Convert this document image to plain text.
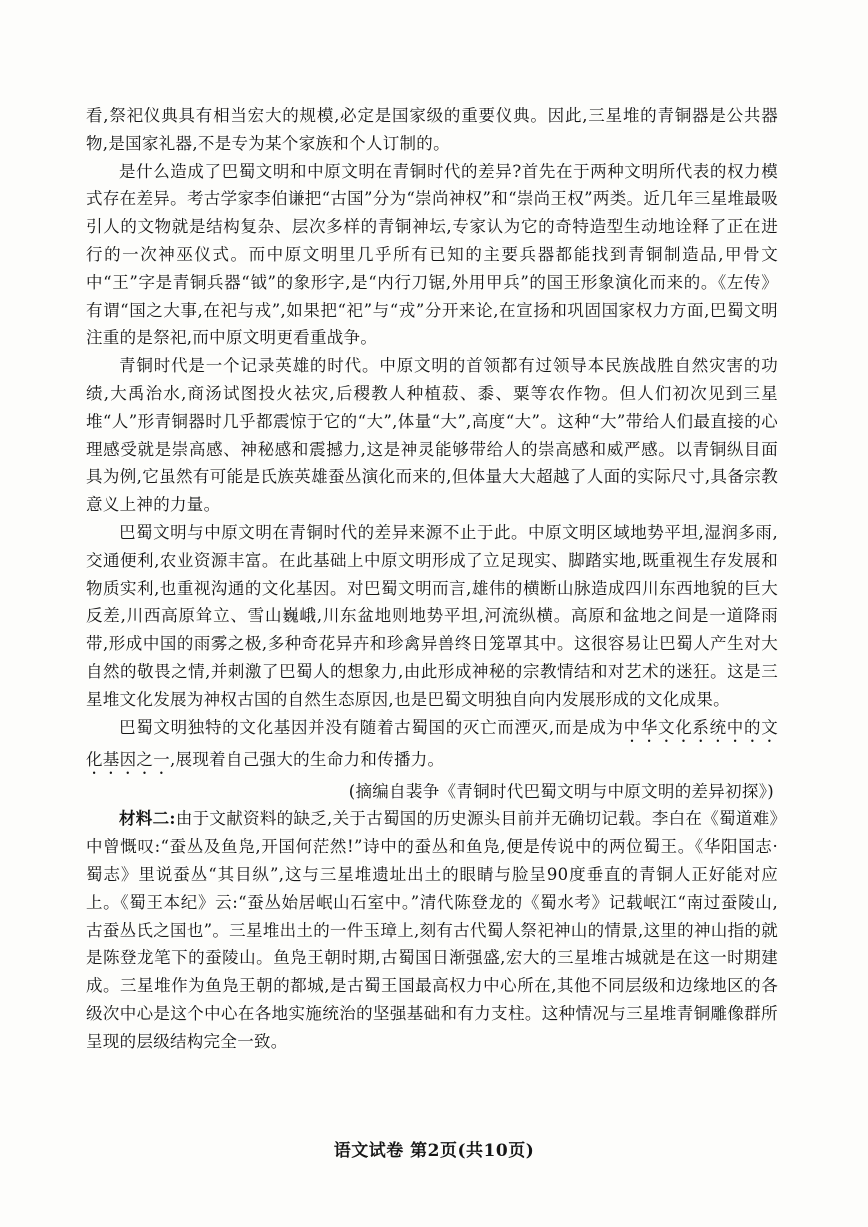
看,祭祀仪典具有相当宏大的规模,必定是国家级的重要仪典。因此,三星堆的青铜器是公共器物,是国家礼器,不是专为某个家族和个人订制的。

是什么造成了巴蜀文明和中原文明在青铜时代的差异?首先在于两种文明所代表的权力模式存在差异。考古学家李伯谦把“古国”分为“崇尚神权”和“崇尚王权”两类。近几年三星堆最吸引人的文物就是结构复杂、层次多样的青铜神坛,专家认为它的奇特造型生动地诠释了正在进行的一次神巫仪式。而中原文明里几乎所有已知的主要兵器都能找到青铜制造品,甲骨文中“王”字是青铜兵器“钺”的象形字,是“内行刀锯,外用甲兵”的国王形象演化而来的。《左传》有谓“国之大事,在祀与戎”,如果把“祀”与“戎”分开来论,在宣扬和巩固国家权力方面,巴蜀文明注重的是祭祀,而中原文明更看重战争。

青铜时代是一个记录英雄的时代。中原文明的首领都有过领导本民族战胜自然灾害的功绩,大禹治水,商汤试图投火祛灾,后稷教人种植菽、黍、粟等农作物。但人们初次见到三星堆“人”形青铜器时几乎都震惊于它的“大”,体量“大”,高度“大”。这种“大”带给人们最直接的心理感受就是崇高感、神秘感和震撼力,这是神灵能够带给人的崇高感和威严感。以青铜纵目面具为例,它虽然有可能是氏族英雄蚕丛演化而来的,但体量大大超越了人面的实际尺寸,具备宗教意义上神的力量。

巴蜀文明与中原文明在青铜时代的差异来源不止于此。中原文明区域地势平坦,湿润多雨,交通便利,农业资源丰富。在此基础上中原文明形成了立足现实、脚踏实地,既重视生存发展和物质实利,也重视沟通的文化基因。对巴蜀文明而言,雄伟的横断山脉造成四川东西地貌的巨大反差,川西高原耸立、雪山巍峨,川东盆地则地势平坦,河流纵横。高原和盆地之间是一道降雨带,形成中国的雨雾之极,多种奇花异卉和珍禽异兽终日笼罩其中。这很容易让巴蜀人产生对大自然的敬畏之情,并刺激了巴蜀人的想象力,由此形成神秘的宗教情结和对艺术的迷狂。这是三星堆文化发展为神权古国的自然生态原因,也是巴蜀文明独自向内发展形成的文化成果。

巴蜀文明独特的文化基因并没有随着古蜀国的灭亡而湮灭,而是成为中华文化系统中的文化基因之一,展现着自己强大的生命力和传播力。

(摘编自裴争《青铜时代巴蜀文明与中原文明的差异初探》)

材料二:由于文献资料的缺乏,关于古蜀国的历史源头目前并无确切记载。李白在《蜀道难》中曾慨叹:“蚕丛及鱼凫,开国何茫然!”诗中的蚕丛和鱼凫,便是传说中的两位蜀王。《华阳国志·蜀志》里说蚕丛“其目纵”,这与三星堆遗址出土的眼睛与脸呈90度垂直的青铜人正好能对应上。《蜀王本纪》云:“蚕丛始居岷山石室中。”清代陈登龙的《蜀水考》记载岷江“南过蚕陵山,古蚕丛氏之国也”。三星堆出土的一件玉璋上,刻有古代蜀人祭祀神山的情景,这里的神山指的就是陈登龙笔下的蚕陵山。鱼凫王朝时期,古蜀国日渐强盛,宏大的三星堆古城就是在这一时期建成。三星堆作为鱼凫王朝的都城,是古蜀王国最高权力中心所在,其他不同层级和边缘地区的各级次中心是这个中心在各地实施统治的坚强基础和有力支柱。这种情况与三星堆青铜雕像群所呈现的层级结构完全一致。

语文试卷 第2页(共10页)
